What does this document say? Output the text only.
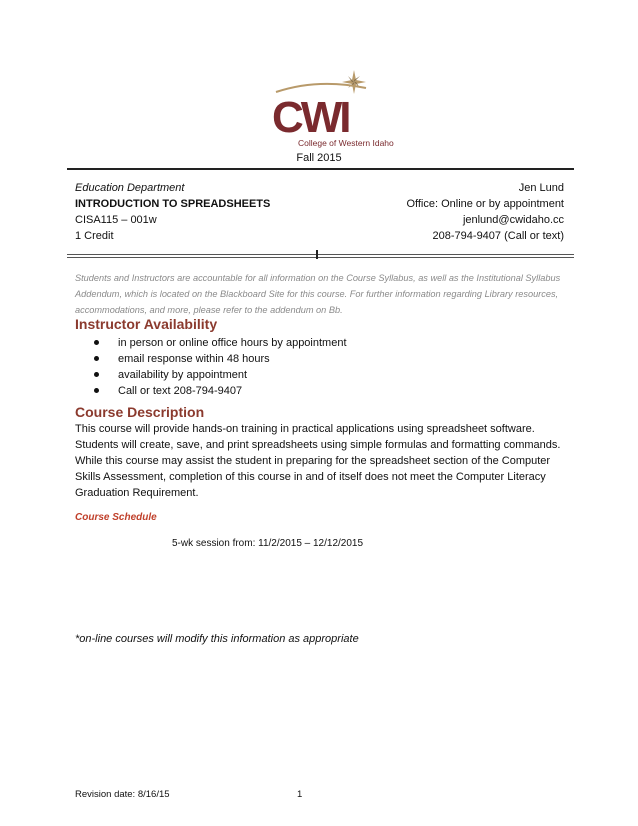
CWI
College of Western Idaho
Fall 2015
Education Department	Jen Lund
INTRODUCTION TO SPREADSHEETS	Office: Online or by appointment
CISA115 – 001w	jenlund@cwidaho.cc
1 Credit	208-794-9407 (Call or text)
Students and Instructors are accountable for all information on the Course Syllabus, as well as the Institutional Syllabus Addendum, which is located on the Blackboard Site for this course. For further information regarding Library resources, accommodations, and more, please refer to the addendum on Bb.
Instructor Availability
in person or online office hours by appointment
email response within 48 hours
availability by appointment
Call or text 208-794-9407
Course Description
This course will provide hands-on training in practical applications using spreadsheet software. Students will create, save, and print spreadsheets using simple formulas and formatting commands. While this course may assist the student in preparing for the spreadsheet section of the Computer Skills Assessment, completion of this course in and of itself does not meet the Computer Literacy Graduation Requirement.
Course Schedule
5-wk session from: 11/2/2015 – 12/12/2015
*on-line courses will modify this information as appropriate
Revision date: 8/16/15	1
